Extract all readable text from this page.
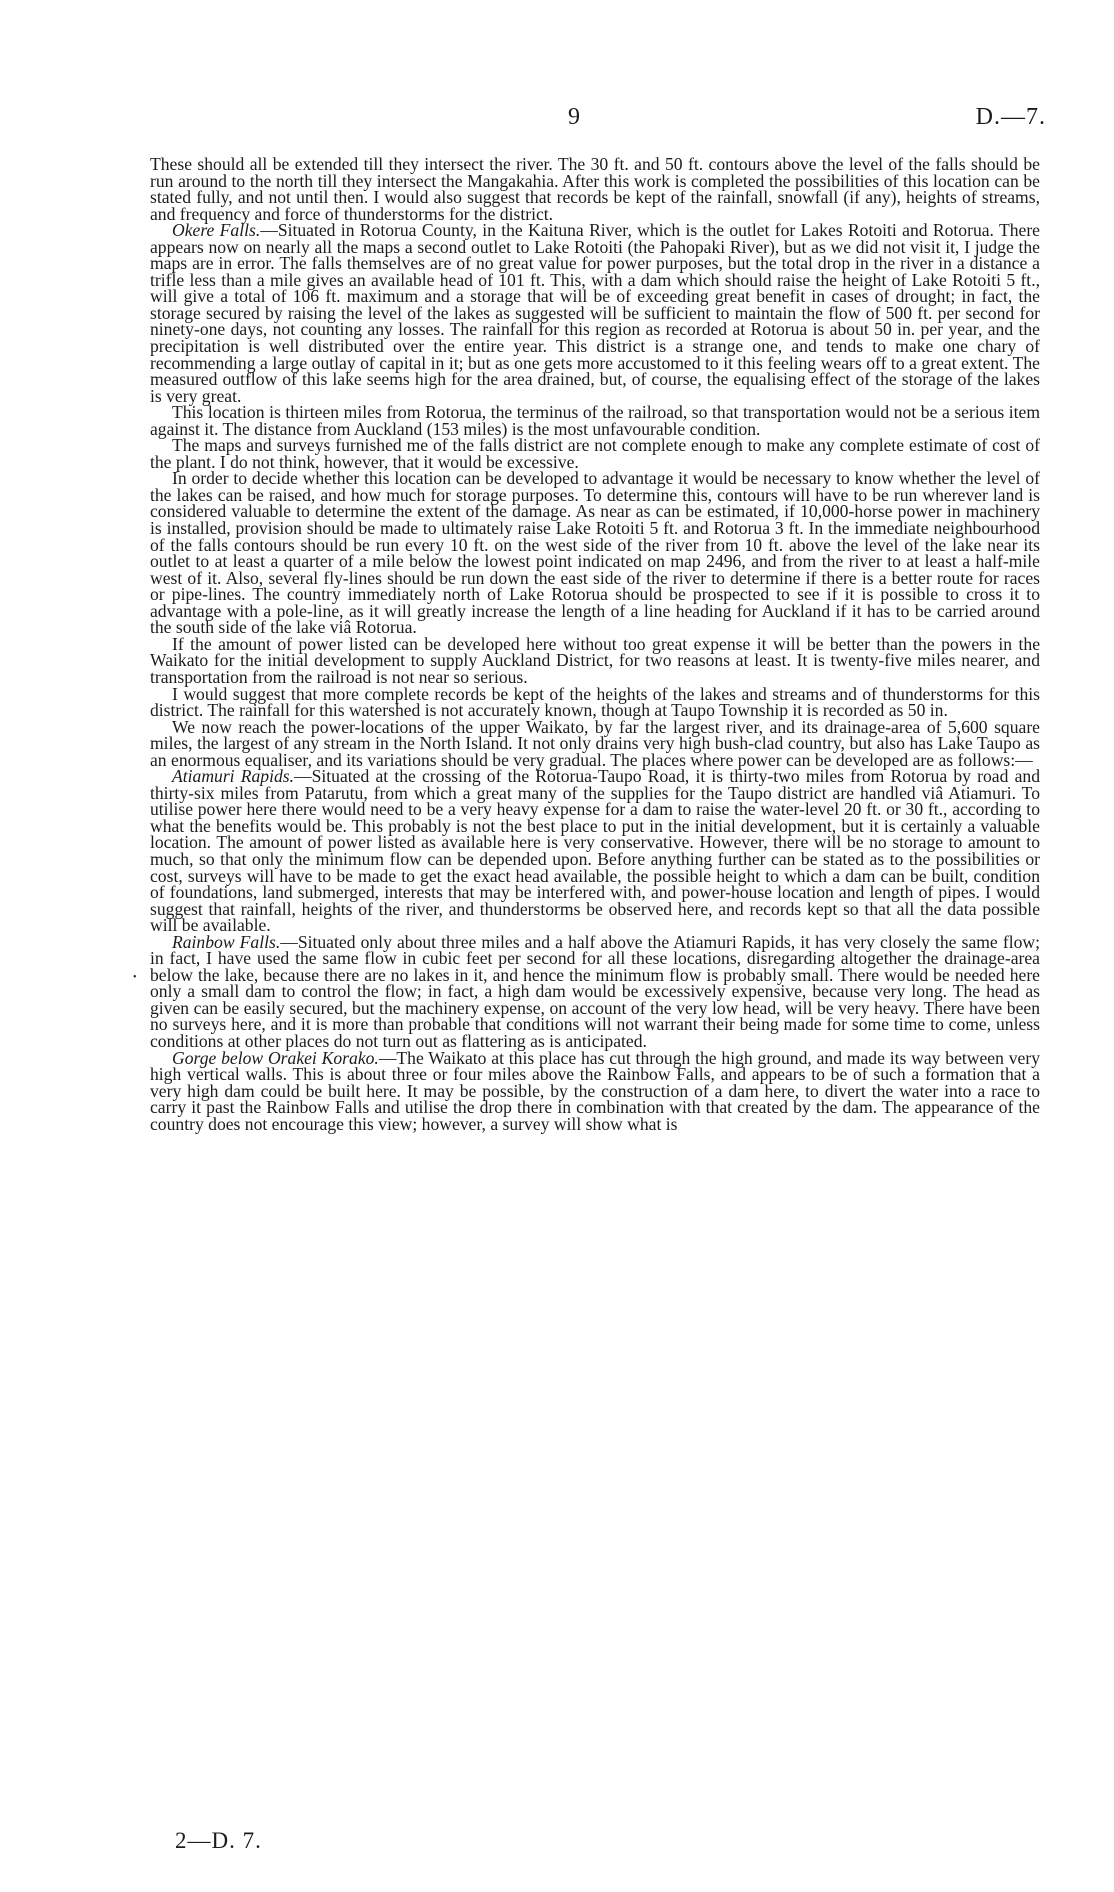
9	D.—7.

These should all be extended till they intersect the river. The 30 ft. and 50 ft. contours above the level of the falls should be run around to the north till they intersect the Mangakahia. After this work is completed the possibilities of this location can be stated fully, and not until then. I would also suggest that records be kept of the rainfall, snowfall (if any), heights of streams, and frequency and force of thunderstorms for the district.

Okere Falls.—Situated in Rotorua County, in the Kaituna River, which is the outlet for Lakes Rotoiti and Rotorua. There appears now on nearly all the maps a second outlet to Lake Rotoiti (the Pahopaki River), but as we did not visit it, I judge the maps are in error. The falls themselves are of no great value for power purposes, but the total drop in the river in a distance a trifle less than a mile gives an available head of 101 ft. This, with a dam which should raise the height of Lake Rotoiti 5 ft., will give a total of 106 ft. maximum and a storage that will be of exceeding great benefit in cases of drought; in fact, the storage secured by raising the level of the lakes as suggested will be sufficient to maintain the flow of 500 ft. per second for ninety-one days, not counting any losses. The rainfall for this region as recorded at Rotorua is about 50 in. per year, and the precipitation is well distributed over the entire year. This district is a strange one, and tends to make one chary of recommending a large outlay of capital in it; but as one gets more accustomed to it this feeling wears off to a great extent. The measured outflow of this lake seems high for the area drained, but, of course, the equalising effect of the storage of the lakes is very great.

This location is thirteen miles from Rotorua, the terminus of the railroad, so that transportation would not be a serious item against it. The distance from Auckland (153 miles) is the most unfavourable condition.

The maps and surveys furnished me of the falls district are not complete enough to make any complete estimate of cost of the plant. I do not think, however, that it would be excessive.

In order to decide whether this location can be developed to advantage it would be necessary to know whether the level of the lakes can be raised, and how much for storage purposes. To determine this, contours will have to be run wherever land is considered valuable to determine the extent of the damage. As near as can be estimated, if 10,000-horse power in machinery is installed, provision should be made to ultimately raise Lake Rotoiti 5 ft. and Rotorua 3 ft. In the immediate neighbourhood of the falls contours should be run every 10 ft. on the west side of the river from 10 ft. above the level of the lake near its outlet to at least a quarter of a mile below the lowest point indicated on map 2496, and from the river to at least a half-mile west of it. Also, several fly-lines should be run down the east side of the river to determine if there is a better route for races or pipe-lines. The country immediately north of Lake Rotorua should be prospected to see if it is possible to cross it to advantage with a pole-line, as it will greatly increase the length of a line heading for Auckland if it has to be carried around the south side of the lake viâ Rotorua.

If the amount of power listed can be developed here without too great expense it will be better than the powers in the Waikato for the initial development to supply Auckland District, for two reasons at least. It is twenty-five miles nearer, and transportation from the railroad is not near so serious.

I would suggest that more complete records be kept of the heights of the lakes and streams and of thunderstorms for this district. The rainfall for this watershed is not accurately known, though at Taupo Township it is recorded as 50 in.

We now reach the power-locations of the upper Waikato, by far the largest river, and its drainage-area of 5,600 square miles, the largest of any stream in the North Island. It not only drains very high bush-clad country, but also has Lake Taupo as an enormous equaliser, and its variations should be very gradual. The places where power can be developed are as follows:—

Atiamuri Rapids.—Situated at the crossing of the Rotorua-Taupo Road, it is thirty-two miles from Rotorua by road and thirty-six miles from Patarutu, from which a great many of the supplies for the Taupo district are handled viâ Atiamuri. To utilise power here there would need to be a very heavy expense for a dam to raise the water-level 20 ft. or 30 ft., according to what the benefits would be. This probably is not the best place to put in the initial development, but it is certainly a valuable location. The amount of power listed as available here is very conservative. However, there will be no storage to amount to much, so that only the minimum flow can be depended upon. Before anything further can be stated as to the possibilities or cost, surveys will have to be made to get the exact head available, the possible height to which a dam can be built, condition of foundations, land submerged, interests that may be interfered with, and power-house location and length of pipes. I would suggest that rainfall, heights of the river, and thunderstorms be observed here, and records kept so that all the data possible will be available.

Rainbow Falls.—Situated only about three miles and a half above the Atiamuri Rapids, it has very closely the same flow; in fact, I have used the same flow in cubic feet per second for all these locations, disregarding altogether the drainage-area below the lake, because there are no lakes in it, and hence the minimum flow is probably small. There would be needed here only a small dam to control the flow; in fact, a high dam would be excessively expensive, because very long. The head as given can be easily secured, but the machinery expense, on account of the very low head, will be very heavy. There have been no surveys here, and it is more than probable that conditions will not warrant their being made for some time to come, unless conditions at other places do not turn out as flattering as is anticipated.

Gorge below Orakei Korako.—The Waikato at this place has cut through the high ground, and made its way between very high vertical walls. This is about three or four miles above the Rainbow Falls, and appears to be of such a formation that a very high dam could be built here. It may be possible, by the construction of a dam here, to divert the water into a race to carry it past the Rainbow Falls and utilise the drop there in combination with that created by the dam. The appearance of the country does not encourage this view; however, a survey will show what is

•
2—D. 7.
